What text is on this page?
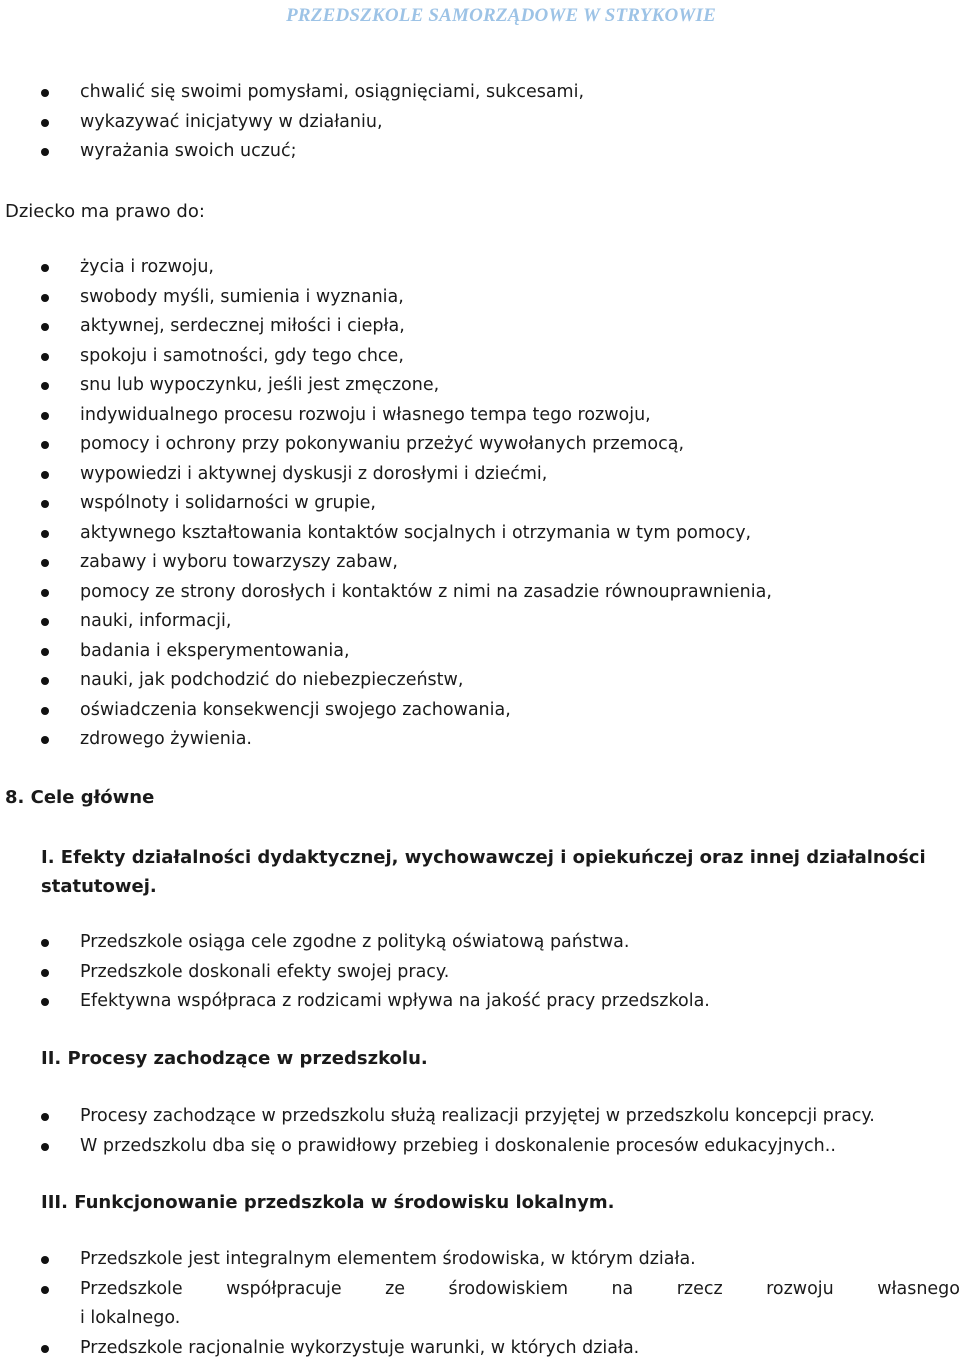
PRZEDSZKOLE SAMORZĄDOWE W STRYKOWIE
chwalić się swoimi pomysłami, osiągnięciami, sukcesami,
wykazywać inicjatywy w działaniu,
wyrażania swoich uczuć;
Dziecko ma prawo do:
życia i rozwoju,
swobody myśli, sumienia i wyznania,
aktywnej, serdecznej miłości i ciepła,
spokoju i samotności, gdy tego chce,
snu lub wypoczynku, jeśli jest zmęczone,
indywidualnego procesu rozwoju i własnego tempa tego rozwoju,
pomocy i ochrony przy pokonywaniu przeżyć wywołanych przemocą,
wypowiedzi i aktywnej dyskusji z dorosłymi i dziećmi,
wspólnoty i solidarności w grupie,
aktywnego kształtowania kontaktów socjalnych i otrzymania w tym pomocy,
zabawy i wyboru towarzyszy zabaw,
pomocy ze strony dorosłych i kontaktów z nimi na zasadzie równouprawnienia,
nauki, informacji,
badania i eksperymentowania,
nauki, jak podchodzić do niebezpieczeństw,
oświadczenia konsekwencji swojego zachowania,
zdrowego żywienia.
8. Cele główne
I. Efekty działalności dydaktycznej, wychowawczej i opiekuńczej oraz innej działalności
statutowej.
Przedszkole osiąga cele zgodne z polityką oświatową państwa.
Przedszkole doskonali efekty swojej pracy.
Efektywna współpraca z rodzicami wpływa na jakość pracy przedszkola.
II. Procesy zachodzące w przedszkolu.
Procesy zachodzące w przedszkolu służą realizacji przyjętej w przedszkolu koncepcji pracy.
W przedszkolu dba się o prawidłowy przebieg i doskonalenie procesów edukacyjnych..
III. Funkcjonowanie przedszkola w środowisku lokalnym.
Przedszkole jest integralnym elementem środowiska, w którym działa.
Przedszkole współpracuje ze środowiskiem na rzecz rozwoju własnego
i lokalnego.
Przedszkole racjonalnie wykorzystuje warunki, w których działa.
